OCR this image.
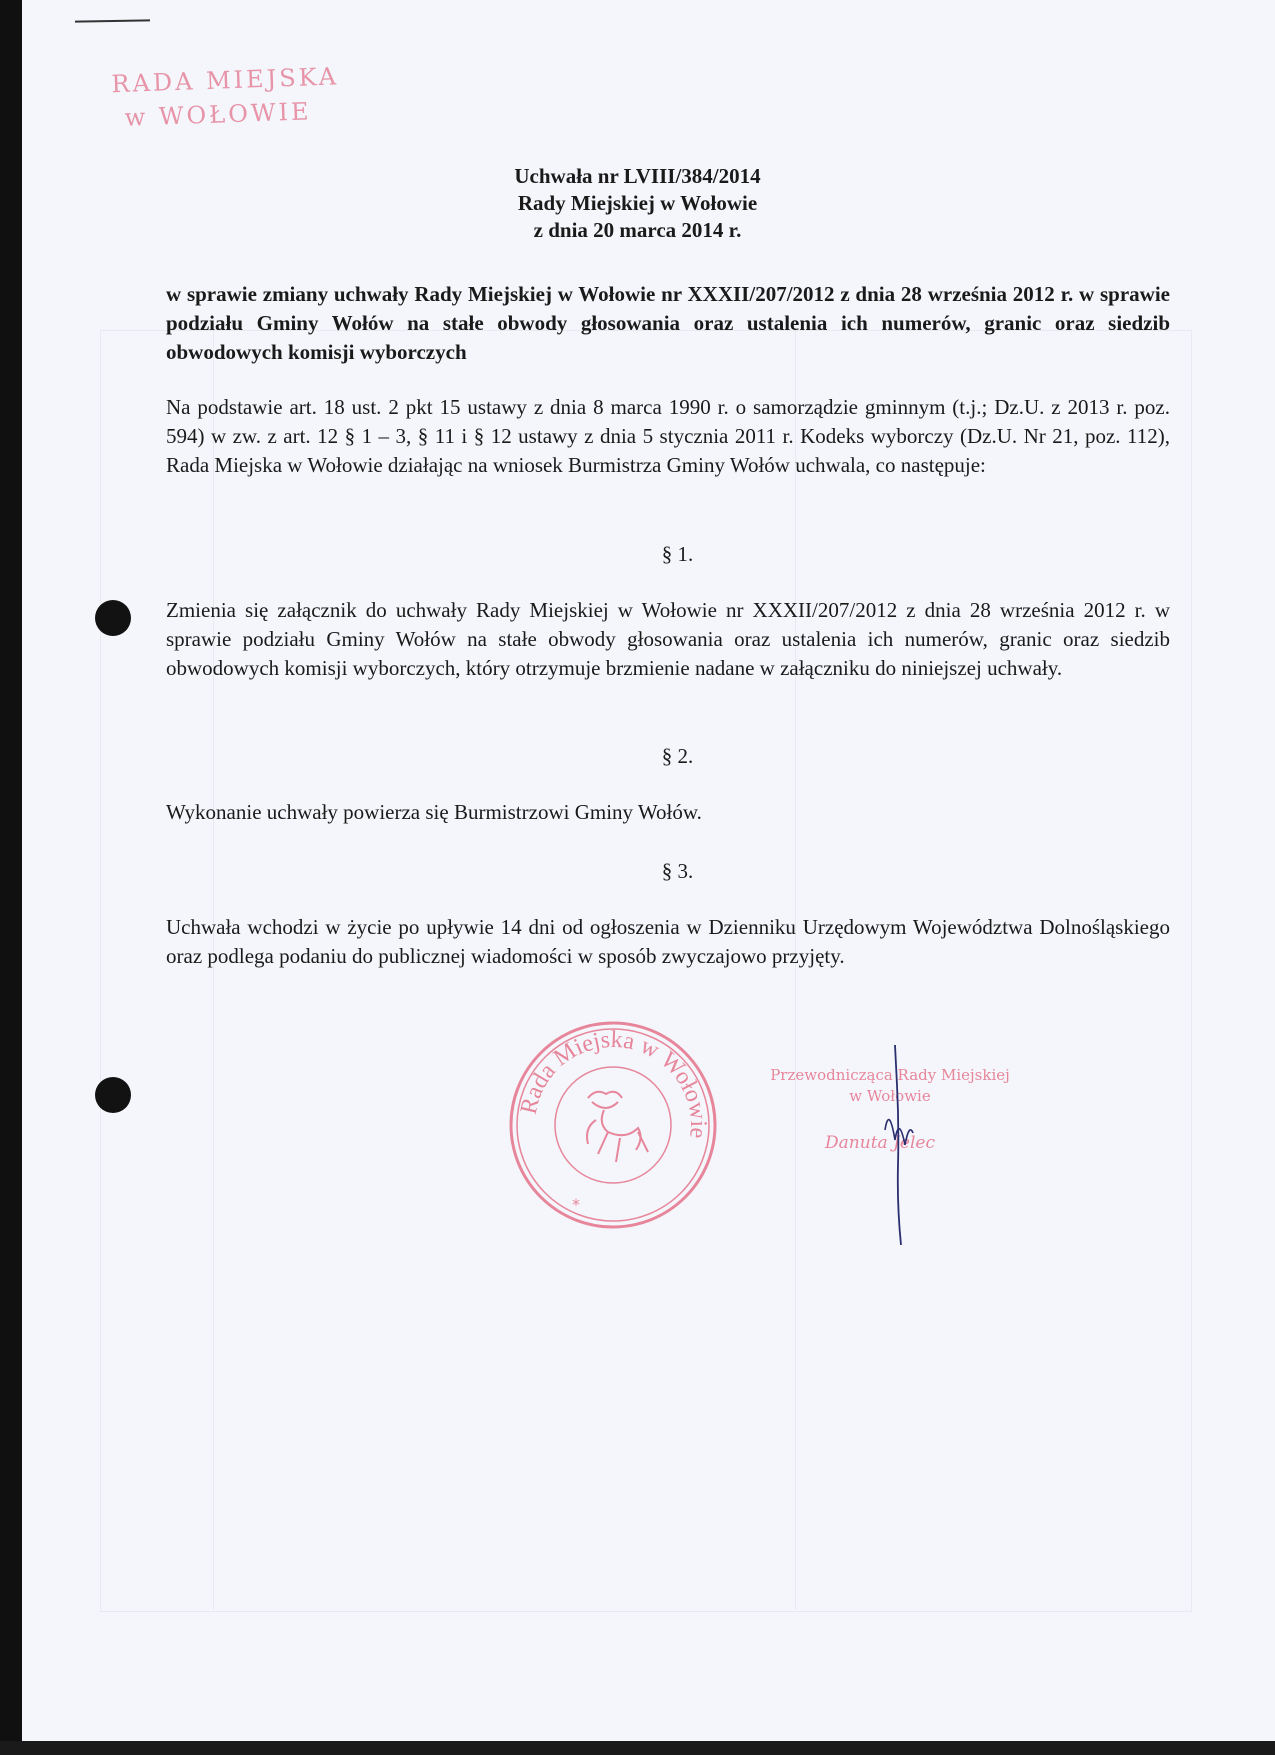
RADA MIEJSKA
w WOŁOWIE
Uchwała nr LVIII/384/2014
Rady Miejskiej w Wołowie
z dnia 20 marca 2014 r.
w sprawie zmiany uchwały Rady Miejskiej w Wołowie nr XXXII/207/2012 z dnia 28 września 2012 r. w sprawie podziału Gminy Wołów na stałe obwody głosowania oraz ustalenia ich numerów, granic oraz siedzib obwodowych komisji wyborczych
Na podstawie art. 18 ust. 2 pkt 15 ustawy z dnia 8 marca 1990 r. o samorządzie gminnym (t.j.; Dz.U. z 2013 r. poz. 594) w zw. z art. 12 § 1 – 3, § 11 i § 12 ustawy z dnia 5 stycznia 2011 r. Kodeks wyborczy (Dz.U. Nr 21, poz. 112), Rada Miejska w Wołowie działając na wniosek Burmistrza Gminy Wołów uchwala, co następuje:
§ 1.
Zmienia się załącznik do uchwały Rady Miejskiej w Wołowie nr XXXII/207/2012 z dnia 28 września 2012 r. w sprawie podziału Gminy Wołów na stałe obwody głosowania oraz ustalenia ich numerów, granic oraz siedzib obwodowych komisji wyborczych, który otrzymuje brzmienie nadane w załączniku do niniejszej uchwały.
§ 2.
Wykonanie uchwały powierza się Burmistrzowi Gminy Wołów.
§ 3.
Uchwała wchodzi w życie po upływie 14 dni od ogłoszenia w Dzienniku Urzędowym Województwa Dolnośląskiego oraz podlega podaniu do publicznej wiadomości w sposób zwyczajowo przyjęty.
Rada Miejska w Wołowie
*
Przewodnicząca Rady Miejskiej
w Wołowie
Danuta Jelec
